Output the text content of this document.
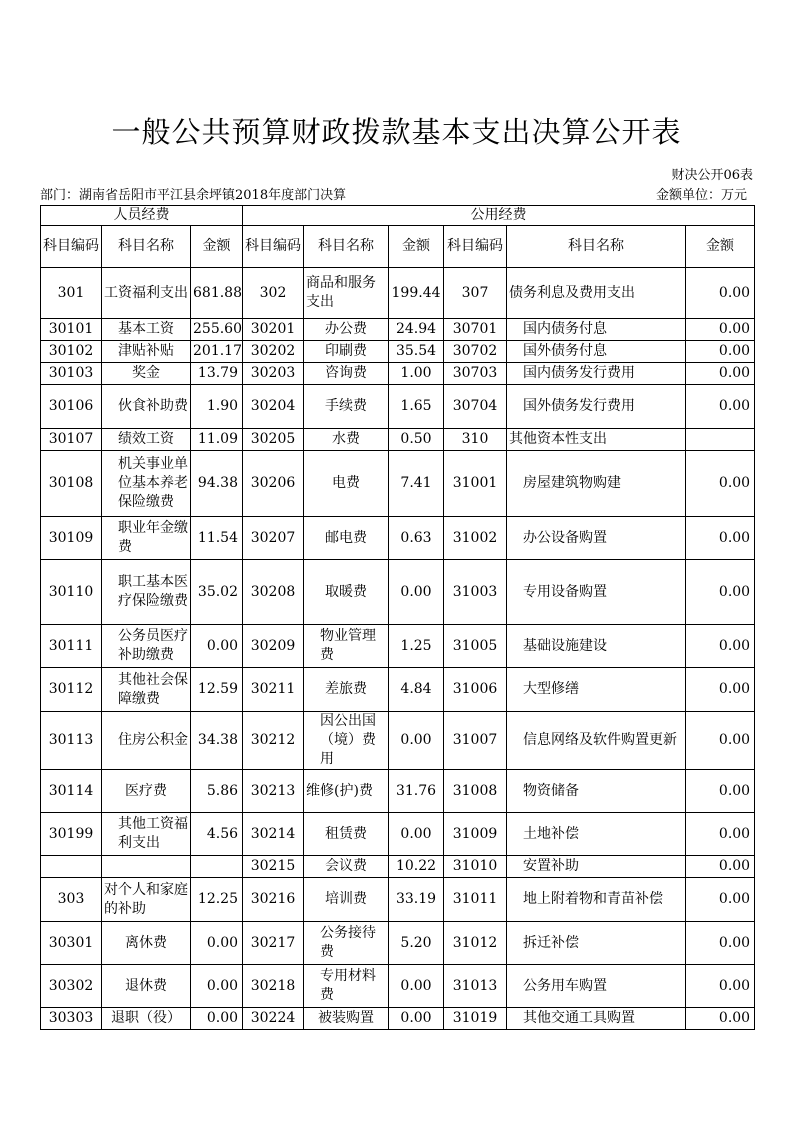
一般公共预算财政拨款基本支出决算公开表
财决公开06表
部门：湖南省岳阳市平江县余坪镇2018年度部门决算	金额单位：万元
人员经费			公用经费					
科目编码	科目名称	金额	科目编码	科目名称	金额	科目编码	科目名称	金额
301	工资福利支出	681.88	302	商品和服务支出	199.44	307	债务利息及费用支出	0.00
30101	基本工资	255.60	30201	办公费	24.94	30701	国内债务付息	0.00
30102	津贴补贴	201.17	30202	印刷费	35.54	30702	国外债务付息	0.00
30103	奖金	13.79	30203	咨询费	1.00	30703	国内债务发行费用	0.00
30106	伙食补助费	1.90	30204	手续费	1.65	30704	国外债务发行费用	0.00
30107	绩效工资	11.09	30205	水费	0.50	310	其他资本性支出	
30108	机关事业单位基本养老保险缴费	94.38	30206	电费	7.41	31001	房屋建筑物购建	0.00
30109	职业年金缴费	11.54	30207	邮电费	0.63	31002	办公设备购置	0.00
30110	职工基本医疗保险缴费	35.02	30208	取暖费	0.00	31003	专用设备购置	0.00
30111	公务员医疗补助缴费	0.00	30209	物业管理费	1.25	31005	基础设施建设	0.00
30112	其他社会保障缴费	12.59	30211	差旅费	4.84	31006	大型修缮	0.00
30113	住房公积金	34.38	30212	因公出国（境）费用	0.00	31007	信息网络及软件购置更新	0.00
30114	医疗费	5.86	30213	维修(护)费	31.76	31008	物资储备	0.00
30199	其他工资福利支出	4.56	30214	租赁费	0.00	31009	土地补偿	0.00
			30215	会议费	10.22	31010	安置补助	0.00
303	对个人和家庭的补助	12.25	30216	培训费	33.19	31011	地上附着物和青苗补偿	0.00
30301	离休费	0.00	30217	公务接待费	5.20	31012	拆迁补偿	0.00
30302	退休费	0.00	30218	专用材料费	0.00	31013	公务用车购置	0.00
30303	退职（役）	0.00	30224	被装购置	0.00	31019	其他交通工具购置	0.00
